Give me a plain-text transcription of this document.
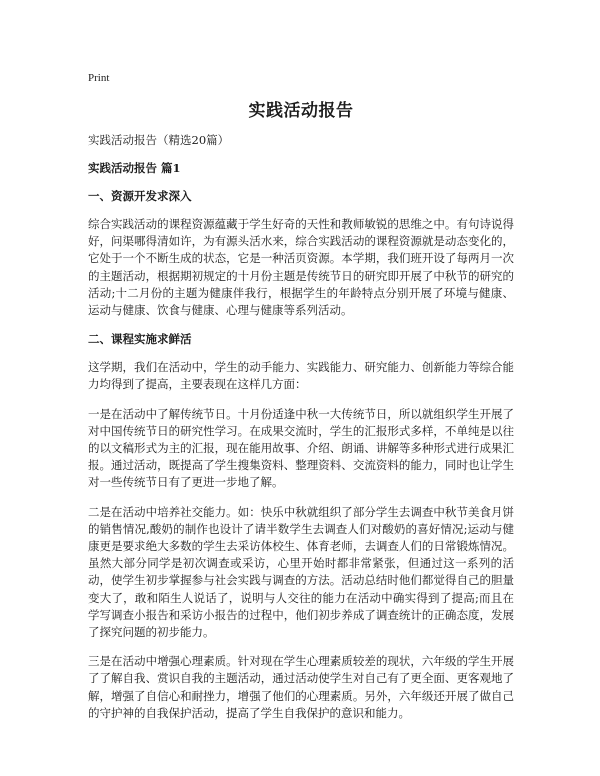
Print
实践活动报告
实践活动报告（精选20篇）
实践活动报告 篇1
一、资源开发求深入

综合实践活动的课程资源蕴藏于学生好奇的天性和教师敏锐的思维之中。有句诗说得好，问渠哪得清如许，为有源头活水来，综合实践活动的课程资源就是动态变化的，它处于一个不断生成的状态，它是一种活页资源。本学期，我们班开设了每两月一次的主题活动，根据期初规定的十月份主题是传统节日的研究即开展了中秋节的研究的活动;十二月份的主题为健康伴我行，根据学生的年龄特点分别开展了环境与健康、运动与健康、饮食与健康、心理与健康等系列活动。

二、课程实施求鲜活

这学期，我们在活动中，学生的动手能力、实践能力、研究能力、创新能力等综合能力均得到了提高，主要表现在这样几方面：

一是在活动中了解传统节日。十月份适逢中秋一大传统节日，所以就组织学生开展了对中国传统节日的研究性学习。在成果交流时，学生的汇报形式多样，不单纯是以往的以文稿形式为主的汇报，现在能用故事、介绍、朗诵、讲解等多种形式进行成果汇报。通过活动，既提高了学生搜集资料、整理资料、交流资料的能力，同时也让学生对一些传统节日有了更进一步地了解。

二是在活动中培养社交能力。如：快乐中秋就组织了部分学生去调查中秋节美食月饼的销售情况,酸奶的制作也设计了请半数学生去调查人们对酸奶的喜好情况;运动与健康更是要求绝大多数的学生去采访体校生、体育老师，去调查人们的日常锻炼情况。虽然大部分同学是初次调查或采访，心里开始时都非常紧张，但通过这一系列的活动，使学生初步掌握参与社会实践与调查的方法。活动总结时他们都觉得自己的胆量变大了，敢和陌生人说话了，说明与人交往的能力在活动中确实得到了提高;而且在学写调查小报告和采访小报告的过程中，他们初步养成了调查统计的正确态度，发展了探究问题的初步能力。

三是在活动中增强心理素质。针对现在学生心理素质较差的现状，六年级的学生开展了了解自我、赏识自我的主题活动，通过活动使学生对自己有了更全面、更客观地了解，增强了自信心和耐挫力，增强了他们的心理素质。另外，六年级还开展了做自己的守护神的自我保护活动，提高了学生自我保护的意识和能力。
